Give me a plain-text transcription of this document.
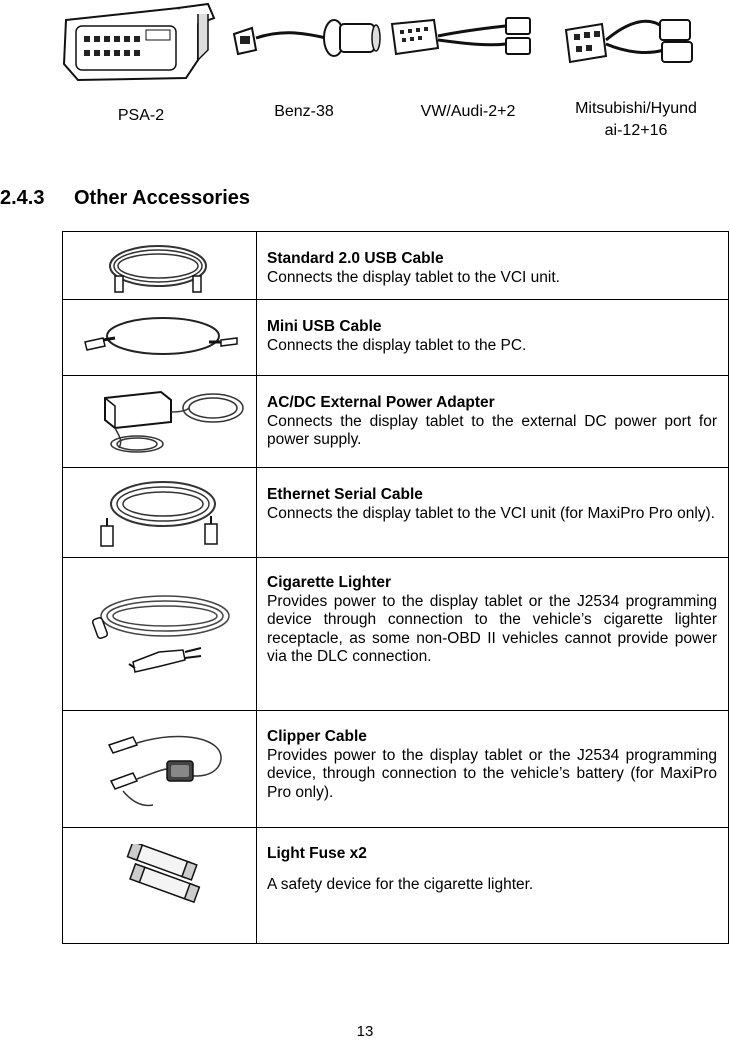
PSA-2	Benz-38	VW/Audi-2+2	Mitsubishi/Hyund
ai-12+16
2.4.3 Other Accessories

Standard 2.0 USB Cable
Connects the display tablet to the VCI unit.

Mini USB Cable
Connects the display tablet to the PC.

AC/DC External Power Adapter
Connects the display tablet to the external DC power port for power supply.

Ethernet Serial Cable
Connects the display tablet to the VCI unit (for MaxiPro Pro only).

Cigarette Lighter
Provides power to the display tablet or the J2534 programming device through connection to the vehicle’s cigarette lighter receptacle, as some non-OBD II vehicles cannot provide power via the DLC connection.

Clipper Cable
Provides power to the display tablet or the J2534 programming device, through connection to the vehicle’s battery (for MaxiPro Pro only).

Light Fuse x2
A safety device for the cigarette lighter.
13
